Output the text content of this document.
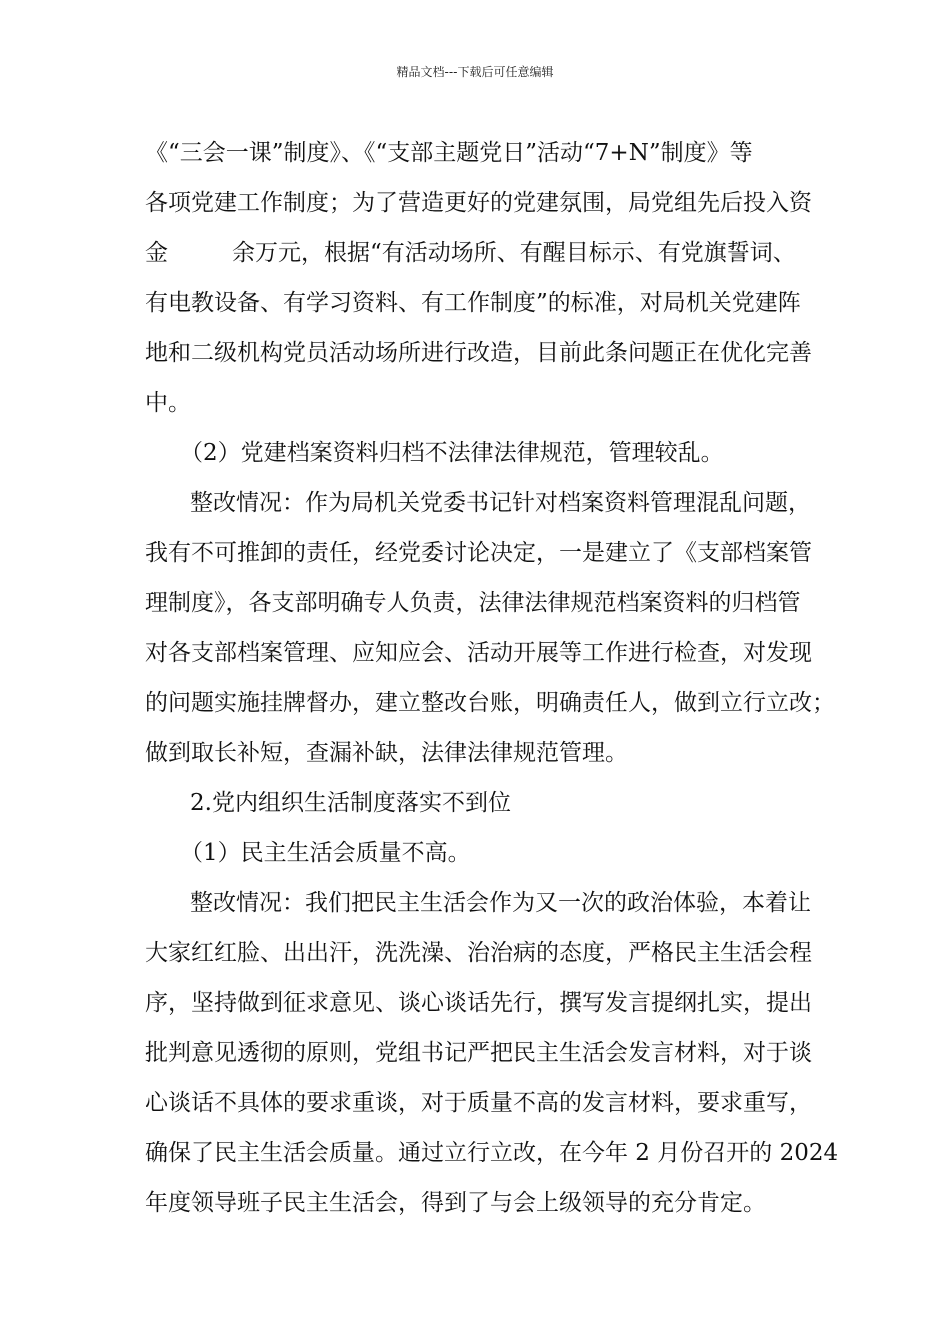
精品文档---下载后可任意编辑
《“三会一课”制度》、《“支部主题党日”活动“7+N”制度》等
各项党建工作制度；为了营造更好的党建氛围，局党组先后投入资
金	余万元，根据“有活动场所、有醒目标示、有党旗誓词、
有电教设备、有学习资料、有工作制度”的标准，对局机关党建阵
地和二级机构党员活动场所进行改造，目前此条问题正在优化完善
中。
（2）党建档案资料归档不法律法律规范，管理较乱。
整改情况：作为局机关党委书记针对档案资料管理混乱问题，
我有不可推卸的责任，经党委讨论决定，一是建立了《支部档案管
理制度》，各支部明确专人负责，法律法律规范档案资料的归档管
对各支部档案管理、应知应会、活动开展等工作进行检查，对发现
的问题实施挂牌督办，建立整改台账，明确责任人，做到立行立改；
做到取长补短，查漏补缺，法律法律规范管理。
2.党内组织生活制度落实不到位
（1）民主生活会质量不高。
整改情况：我们把民主生活会作为又一次的政治体验，本着让
大家红红脸、出出汗，洗洗澡、治治病的态度，严格民主生活会程
序，坚持做到征求意见、谈心谈话先行，撰写发言提纲扎实，提出
批判意见透彻的原则，党组书记严把民主生活会发言材料，对于谈
心谈话不具体的要求重谈，对于质量不高的发言材料，要求重写，
确保了民主生活会质量。通过立行立改，在今年 2 月份召开的 2024
年度领导班子民主生活会，得到了与会上级领导的充分肯定。
